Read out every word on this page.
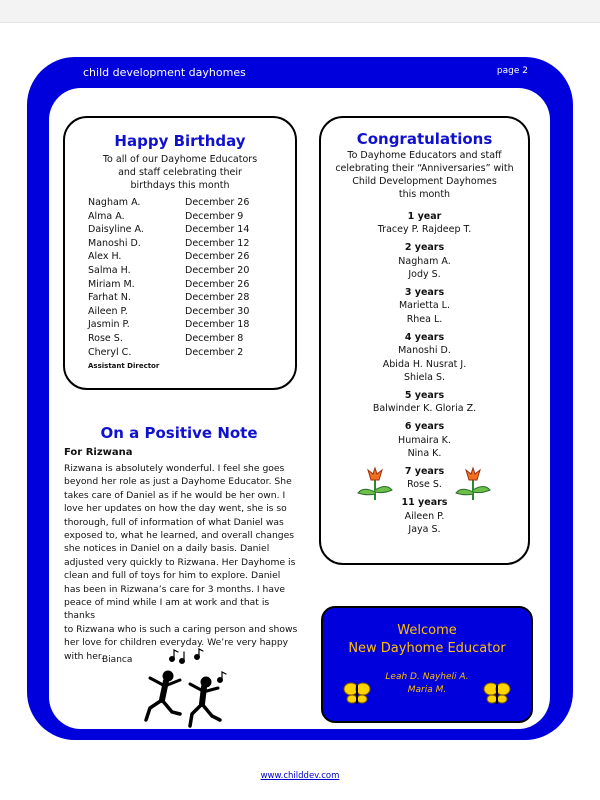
child development dayhomes	page 2
Happy Birthday
To all of our Dayhome Educators
and staff celebrating their
birthdays this month
Nagham A.	December 26
Alma A.	December 9
Daisyline A.	December 14
Manoshi D.	December 12
Alex H.	December 26
Salma H.	December 20
Miriam M.	December 26
Farhat N.	December 28
Aileen P.	December 30
Jasmin P.	December 18
Rose S.	December 8
Cheryl C.	December 2
Assistant Director
Congratulations
To Dayhome Educators and staff
celebrating their “Anniversaries” with
Child Development Dayhomes
this month
1 year
Tracey P. Rajdeep T.
2 years
Nagham A.
Jody S.
3 years
Marietta L.
Rhea L.
4 years
Manoshi D.
Abida H. Nusrat J.
Shiela S.
5 years
Balwinder K. Gloria Z.
6 years
Humaira K.
Nina K.
7 years
Rose S.
11 years
Aileen P.
Jaya S.
On a Positive Note
For Rizwana
Rizwana is absolutely wonderful. I feel she goes
beyond her role as just a Dayhome Educator. She
takes care of Daniel as if he would be her own. I
love her updates on how the day went, she is so
thorough, full of information of what Daniel was
exposed to, what he learned, and overall changes
she notices in Daniel on a daily basis. Daniel
adjusted very quickly to Rizwana. Her Dayhome is
clean and full of toys for him to explore. Daniel
has been in Rizwana’s care for 3 months. I have
peace of mind while I am at work and that is thanks
to Rizwana who is such a caring person and shows
her love for children everyday. We’re very happy
with her.
Bianca
Welcome
New Dayhome Educator
Leah D. Nayheli A.
Maria M.
www.childdev.com
